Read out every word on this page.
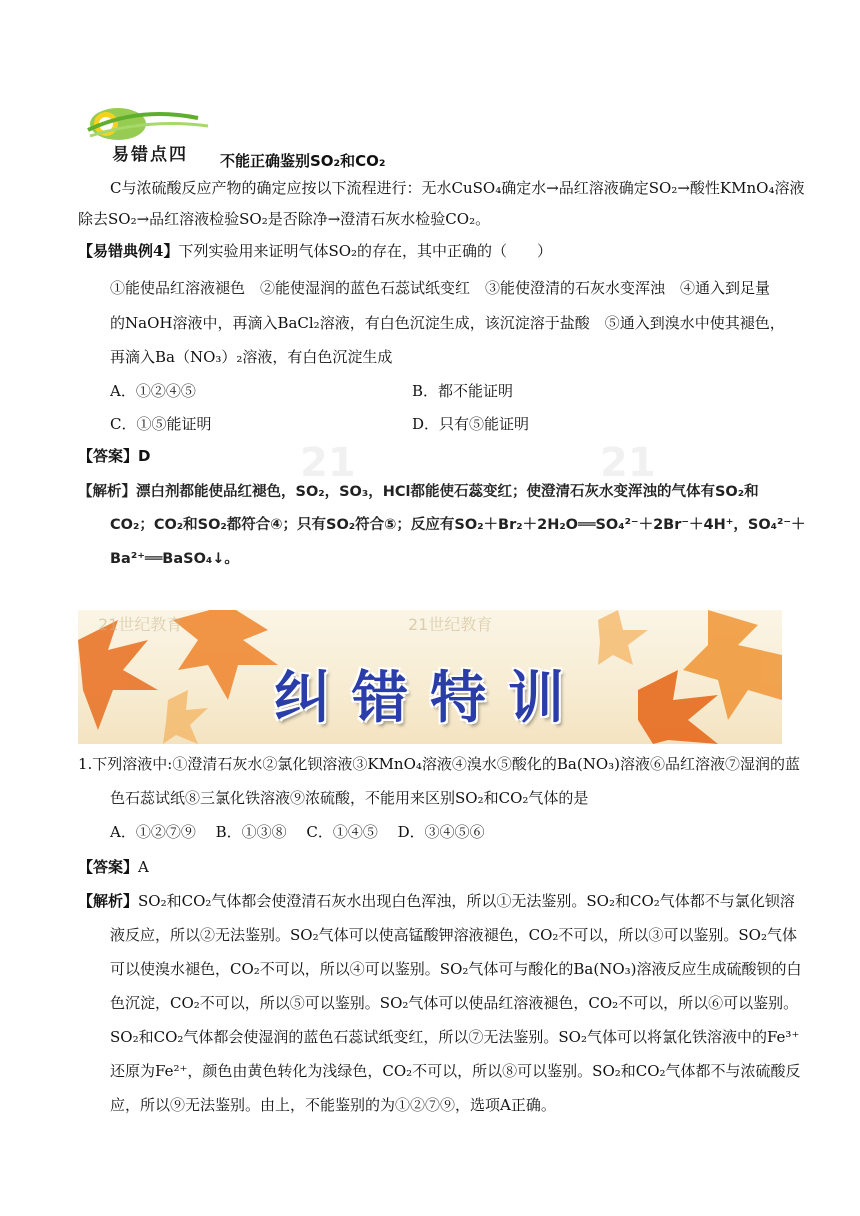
易错点四 不能正确鉴别SO₂和CO₂
C与浓硫酸反应产物的确定应按以下流程进行：无水CuSO₄确定水→品红溶液确定SO₂→酸性KMnO₄溶液
除去SO₂→品红溶液检验SO₂是否除净→澄清石灰水检验CO₂。
【易错典例4】下列实验用来证明气体SO₂的存在，其中正确的（　　）
①能使品红溶液褪色　②能使湿润的蓝色石蕊试纸变红　③能使澄清的石灰水变浑浊　④通入到足量
的NaOH溶液中，再滴入BaCl₂溶液，有白色沉淀生成，该沉淀溶于盐酸　⑤通入到溴水中使其褪色，
再滴入Ba（NO₃）₂溶液，有白色沉淀生成
A．①②④⑤	B．都不能证明
C．①⑤能证明	D．只有⑤能证明
【答案】D	21	21
【解析】漂白剂都能使品红褪色，SO₂，SO₃，HCl都能使石蕊变红；使澄清石灰水变浑浊的气体有SO₂和
CO₂；CO₂和SO₂都符合④；只有SO₂符合⑤；反应有SO₂＋Br₂＋2H₂O══SO₄²⁻＋2Br⁻＋4H⁺，SO₄²⁻＋
Ba²⁺══BaSO₄↓。
21世纪教育	21世纪教育
纠错特训
1.下列溶液中:①澄清石灰水②氯化钡溶液③KMnO₄溶液④溴水⑤酸化的Ba(NO₃)溶液⑥品红溶液⑦湿润的蓝
色石蕊试纸⑧三氯化铁溶液⑨浓硫酸，不能用来区别SO₂和CO₂气体的是
A．①②⑦⑨　 B．①③⑧　 C．①④⑤　 D．③④⑤⑥
【答案】A
【解析】SO₂和CO₂气体都会使澄清石灰水出现白色浑浊，所以①无法鉴别。SO₂和CO₂气体都不与氯化钡溶
液反应，所以②无法鉴别。SO₂气体可以使高锰酸钾溶液褪色，CO₂不可以，所以③可以鉴别。SO₂气体
可以使溴水褪色，CO₂不可以，所以④可以鉴别。SO₂气体可与酸化的Ba(NO₃)溶液反应生成硫酸钡的白
色沉淀，CO₂不可以，所以⑤可以鉴别。SO₂气体可以使品红溶液褪色，CO₂不可以，所以⑥可以鉴别。
SO₂和CO₂气体都会使湿润的蓝色石蕊试纸变红，所以⑦无法鉴别。SO₂气体可以将氯化铁溶液中的Fe³⁺
还原为Fe²⁺，颜色由黄色转化为浅绿色，CO₂不可以，所以⑧可以鉴别。SO₂和CO₂气体都不与浓硫酸反
应，所以⑨无法鉴别。由上，不能鉴别的为①②⑦⑨，选项A正确。
